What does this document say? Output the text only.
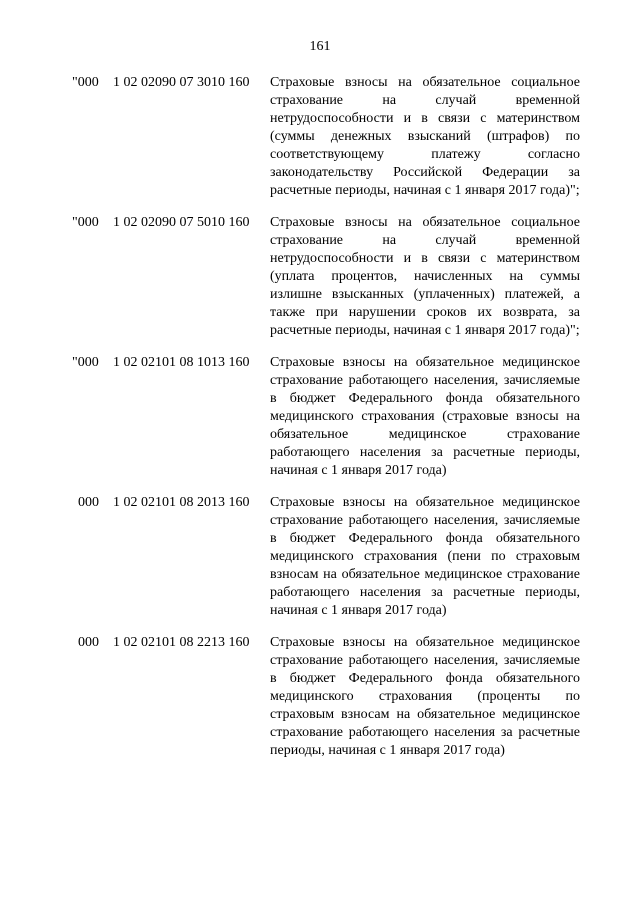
161
"000	1 02 02090 07 3010 160 Страховые взносы на обязательное социальное страхование на случай временной нетрудоспособности и в связи с материнством (суммы денежных взысканий (штрафов) по соответствующему платежу согласно законодательству Российской Федерации за расчетные периоды, начиная с 1 января 2017 года)";
"000	1 02 02090 07 5010 160 Страховые взносы на обязательное социальное страхование на случай временной нетрудоспособности и в связи с материнством (уплата процентов, начисленных на суммы излишне взысканных (уплаченных) платежей, а также при нарушении сроков их возврата, за расчетные периоды, начиная с 1 января 2017 года)";
"000	1 02 02101 08 1013 160 Страховые взносы на обязательное медицинское страхование работающего населения, зачисляемые в бюджет Федерального фонда обязательного медицинского страхования (страховые взносы на обязательное медицинское страхование работающего населения за расчетные периоды, начиная с 1 января 2017 года)
000	1 02 02101 08 2013 160 Страховые взносы на обязательное медицинское страхование работающего населения, зачисляемые в бюджет Федерального фонда обязательного медицинского страхования (пени по страховым взносам на обязательное медицинское страхование работающего населения за расчетные периоды, начиная с 1 января 2017 года)
000	1 02 02101 08 2213 160 Страховые взносы на обязательное медицинское страхование работающего населения, зачисляемые в бюджет Федерального фонда обязательного медицинского страхования (проценты по страховым взносам на обязательное медицинское страхование работающего населения за расчетные периоды, начиная с 1 января 2017 года)
